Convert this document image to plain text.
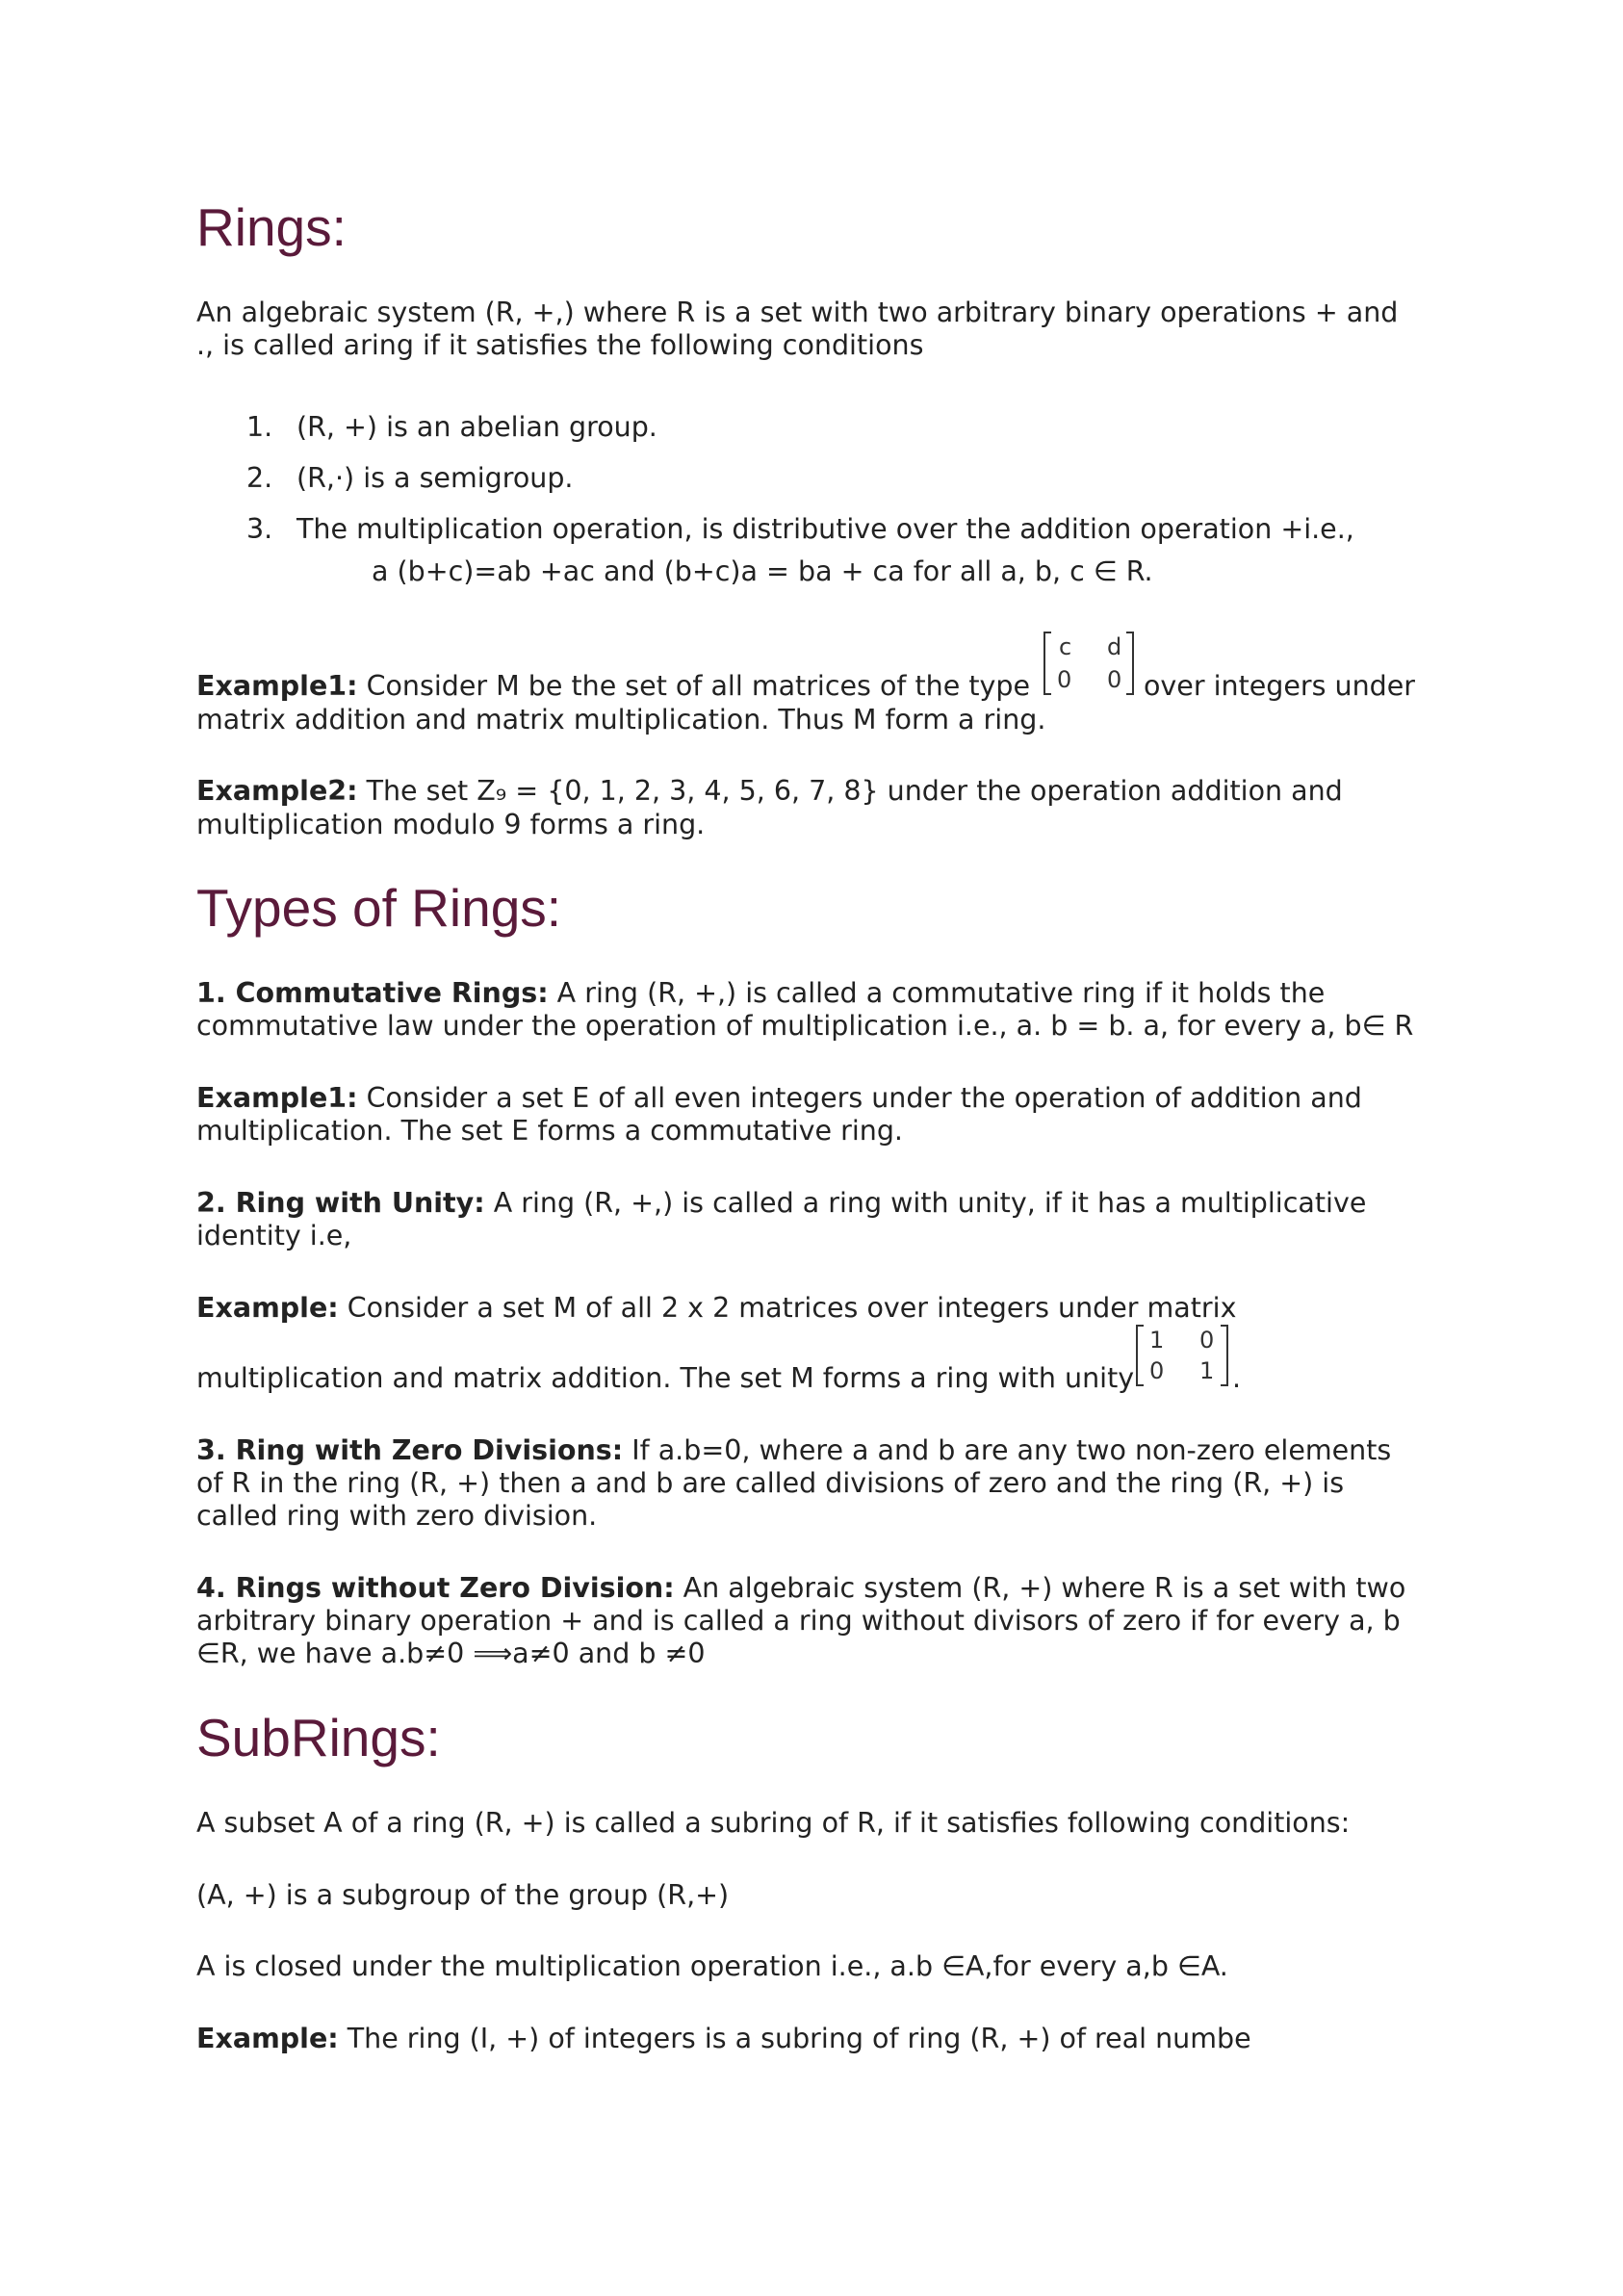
Rings:
An algebraic system (R, +,) where R is a set with two arbitrary binary operations + and
., is called aring if it satisfies the following conditions
1. (R, +) is an abelian group.
2. (R,·) is a semigroup.
3. The multiplication operation, is distributive over the addition operation +i.e.,
a (b+c)=ab +ac and (b+c)a = ba + ca for all a, b, c ∈ R.
Example1: Consider M be the set of all matrices of the type
c d
0 0 over integers under
matrix addition and matrix multiplication. Thus M form a ring.
Example2: The set Z₉ = {0, 1, 2, 3, 4, 5, 6, 7, 8} under the operation addition and
multiplication modulo 9 forms a ring.
Types of Rings:
1. Commutative Rings: A ring (R, +,) is called a commutative ring if it holds the
commutative law under the operation of multiplication i.e., a. b = b. a, for every a, b∈ R
Example1: Consider a set E of all even integers under the operation of addition and
multiplication. The set E forms a commutative ring.
2. Ring with Unity: A ring (R, +,) is called a ring with unity, if it has a multiplicative
identity i.e,
Example: Consider a set M of all 2 x 2 matrices over integers under matrix
multiplication and matrix addition. The set M forms a ring with unity
1 0
0 1 .
3. Ring with Zero Divisions: If a.b=0, where a and b are any two non-zero elements
of R in the ring (R, +) then a and b are called divisions of zero and the ring (R, +) is
called ring with zero division.
4. Rings without Zero Division: An algebraic system (R, +) where R is a set with two
arbitrary binary operation + and is called a ring without divisors of zero if for every a, b
∈R, we have a.b≠0 ⟹a≠0 and b ≠0
SubRings:
A subset A of a ring (R, +) is called a subring of R, if it satisfies following conditions:
(A, +) is a subgroup of the group (R,+)
A is closed under the multiplication operation i.e., a.b ∈A,for every a,b ∈A.
Example: The ring (I, +) of integers is a subring of ring (R, +) of real numbe
